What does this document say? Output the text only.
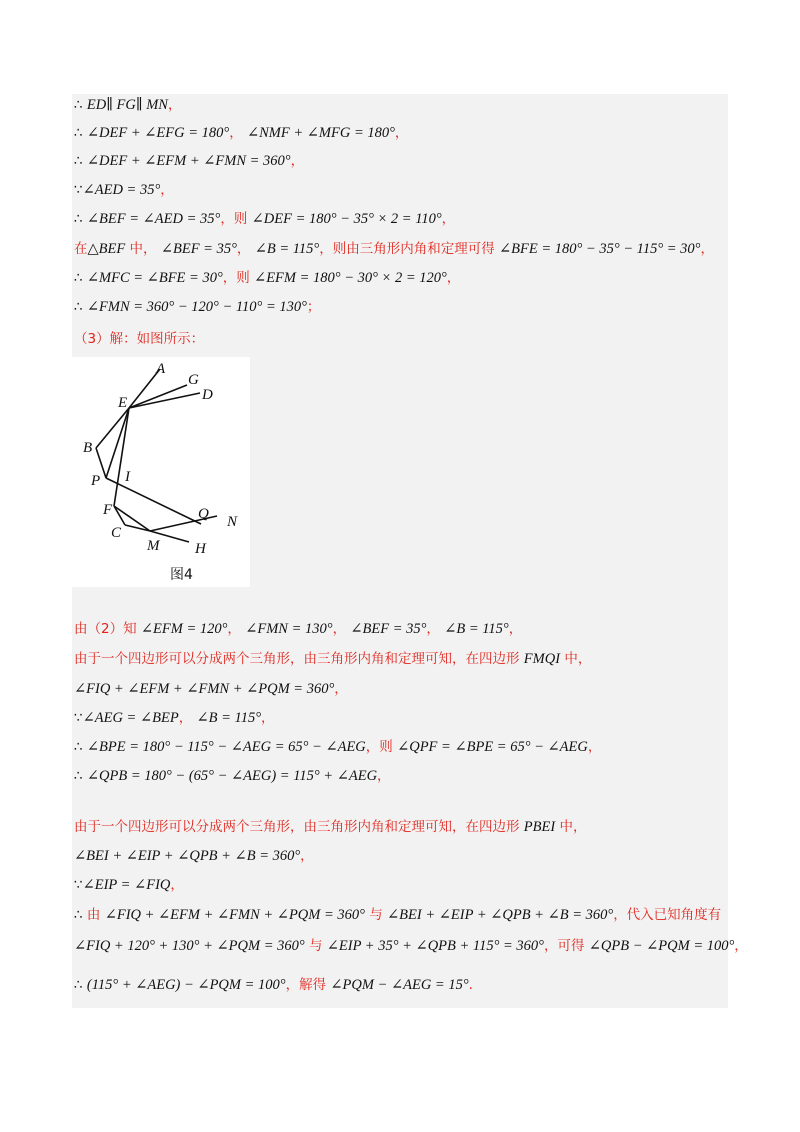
∴ ED∥ FG∥ MN，
∴ ∠DEF + ∠EFG = 180°， ∠NMF + ∠MFG = 180°，
∴ ∠DEF + ∠EFM + ∠FMN = 360°，
∵∠AED = 35°，
∴ ∠BEF = ∠AED = 35°，则 ∠DEF = 180° − 35° × 2 = 110°，
在△BEF 中， ∠BEF = 35°， ∠B = 115°，则由三角形内角和定理可得 ∠BFE = 180° − 35° − 115° = 30°，
∴ ∠MFC = ∠BFE = 30°，则 ∠EFM = 180° − 30° × 2 = 120°，
∴ ∠FMN = 360° − 120° − 110° = 130°；
（3）解：如图所示：
由（2）知 ∠EFM = 120°， ∠FMN = 130°， ∠BEF = 35°， ∠B = 115°，
由于一个四边形可以分成两个三角形，由三角形内角和定理可知，在四边形 FMQI 中，
∠FIQ + ∠EFM + ∠FMN + ∠PQM = 360°，
∵∠AEG = ∠BEP， ∠B = 115°，
∴ ∠BPE = 180° − 115° − ∠AEG = 65° − ∠AEG，则 ∠QPF = ∠BPE = 65° − ∠AEG，
∴ ∠QPB = 180° − (65° − ∠AEG) = 115° + ∠AEG，
由于一个四边形可以分成两个三角形，由三角形内角和定理可知，在四边形 PBEI 中，
∠BEI + ∠EIP + ∠QPB + ∠B = 360°，
∵∠EIP = ∠FIQ，
∴ 由 ∠FIQ + ∠EFM + ∠FMN + ∠PQM = 360° 与 ∠BEI + ∠EIP + ∠QPB + ∠B = 360°，代入已知角度有
∠FIQ + 120° + 130° + ∠PQM = 360° 与 ∠EIP + 35° + ∠QPB + 115° = 360°，可得 ∠QPB − ∠PQM = 100°，
∴ (115° + ∠AEG) − ∠PQM = 100°，解得 ∠PQM − ∠AEG = 15°.
A
G
D
E
B
P I
F
C
M
Q N
H
图4
